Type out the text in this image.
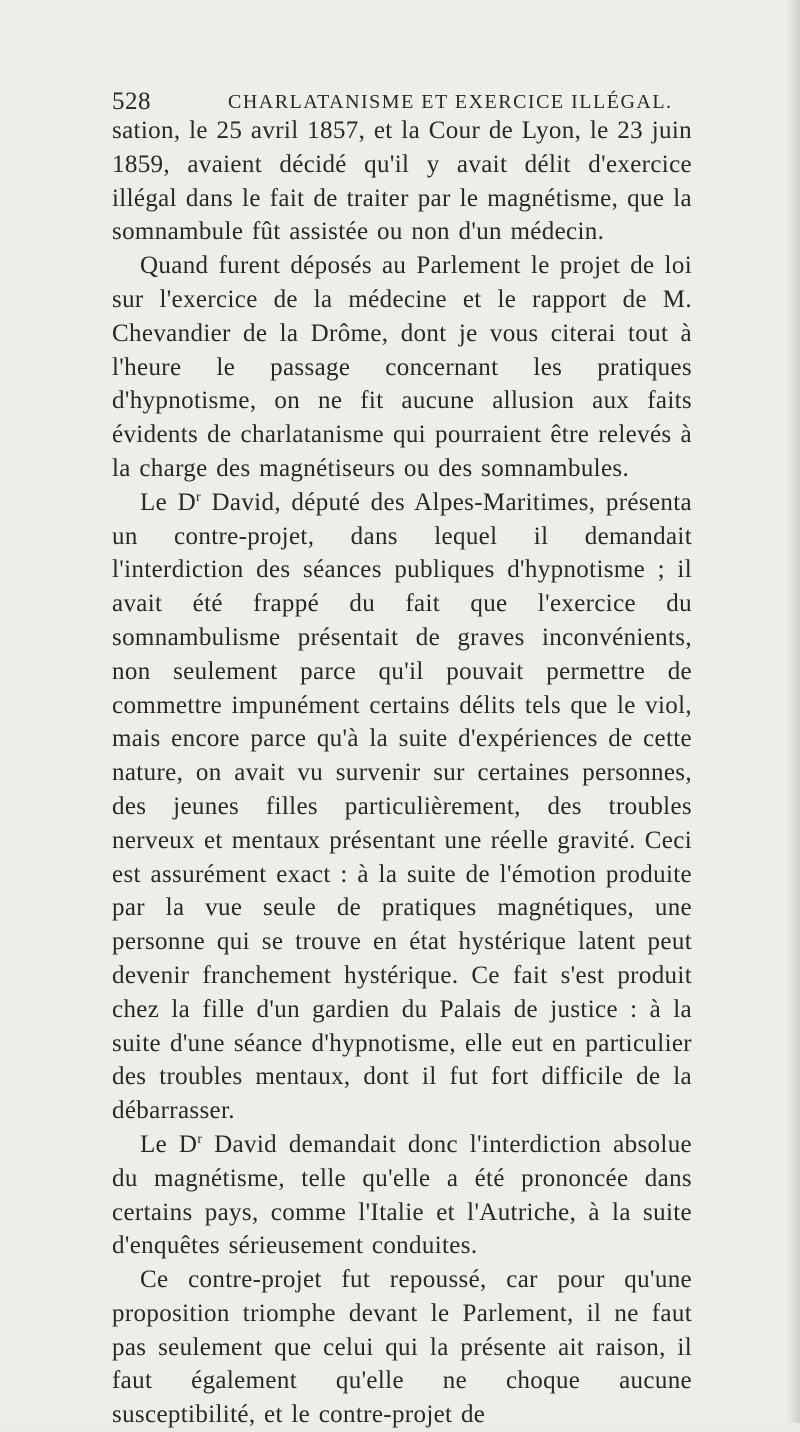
528	CHARLATANISME ET EXERCICE ILLÉGAL.

sation, le 25 avril 1857, et la Cour de Lyon, le 23 juin 1859, avaient décidé qu'il y avait délit d'exercice illégal dans le fait de traiter par le magnétisme, que la somnambule fût assistée ou non d'un médecin.

Quand furent déposés au Parlement le projet de loi sur l'exercice de la médecine et le rapport de M. Chevandier de la Drôme, dont je vous citerai tout à l'heure le passage concernant les pratiques d'hypnotisme, on ne fit aucune allusion aux faits évidents de charlatanisme qui pourraient être relevés à la charge des magnétiseurs ou des somnambules.

Le $D^r$ David, député des Alpes-Maritimes, présenta un contre-projet, dans lequel il demandait l'interdiction des séances publiques d'hypnotisme ; il avait été frappé du fait que l'exercice du somnambulisme présentait de graves inconvénients, non seulement parce qu'il pouvait permettre de commettre impunément certains délits tels que le viol, mais encore parce qu'à la suite d'expériences de cette nature, on avait vu survenir sur certaines personnes, des jeunes filles particulièrement, des troubles nerveux et mentaux présentant une réelle gravité. Ceci est assurément exact : à la suite de l'émotion produite par la vue seule de pratiques magnétiques, une personne qui se trouve en état hystérique latent peut devenir franchement hystérique. Ce fait s'est produit chez la fille d'un gardien du Palais de justice : à la suite d'une séance d'hypnotisme, elle eut en particulier des troubles mentaux, dont il fut fort difficile de la débarrasser.

Le $D^r$ David demandait donc l'interdiction absolue du magnétisme, telle qu'elle a été prononcée dans certains pays, comme l'Italie et l'Autriche, à la suite d'enquêtes sérieusement conduites.

Ce contre-projet fut repoussé, car pour qu'une proposition triomphe devant le Parlement, il ne faut pas seulement que celui qui la présente ait raison, il faut également qu'elle ne choque aucune susceptibilité, et le contre-projet de
